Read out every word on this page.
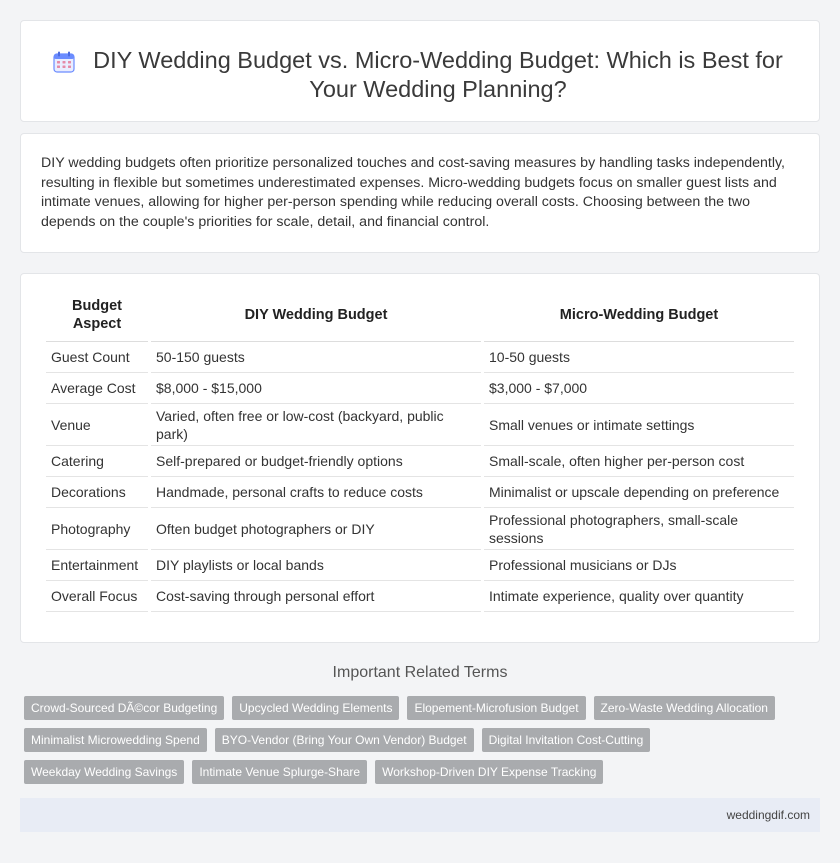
DIY Wedding Budget vs. Micro-Wedding Budget: Which is Best for Your Wedding Planning?

DIY wedding budgets often prioritize personalized touches and cost-saving measures by handling tasks independently, resulting in flexible but sometimes underestimated expenses. Micro-wedding budgets focus on smaller guest lists and intimate venues, allowing for higher per-person spending while reducing overall costs. Choosing between the two depends on the couple's priorities for scale, detail, and financial control.

Budget Aspect	DIY Wedding Budget	Micro-Wedding Budget
Guest Count	50-150 guests	10-50 guests
Average Cost	$8,000 - $15,000	$3,000 - $7,000
Venue	Varied, often free or low-cost (backyard, public park)	Small venues or intimate settings
Catering	Self-prepared or budget-friendly options	Small-scale, often higher per-person cost
Decorations	Handmade, personal crafts to reduce costs	Minimalist or upscale depending on preference
Photography	Often budget photographers or DIY	Professional photographers, small-scale sessions
Entertainment	DIY playlists or local bands	Professional musicians or DJs
Overall Focus	Cost-saving through personal effort	Intimate experience, quality over quantity
Important Related Terms
Crowd-Sourced DÃ©cor Budgeting	Upcycled Wedding Elements	Elopement-Microfusion Budget	Zero-Waste Wedding Allocation
Minimalist Microwedding Spend	BYO-Vendor (Bring Your Own Vendor) Budget	Digital Invitation Cost-Cutting
Weekday Wedding Savings	Intimate Venue Splurge-Share	Workshop-Driven DIY Expense Tracking
weddingdif.com
